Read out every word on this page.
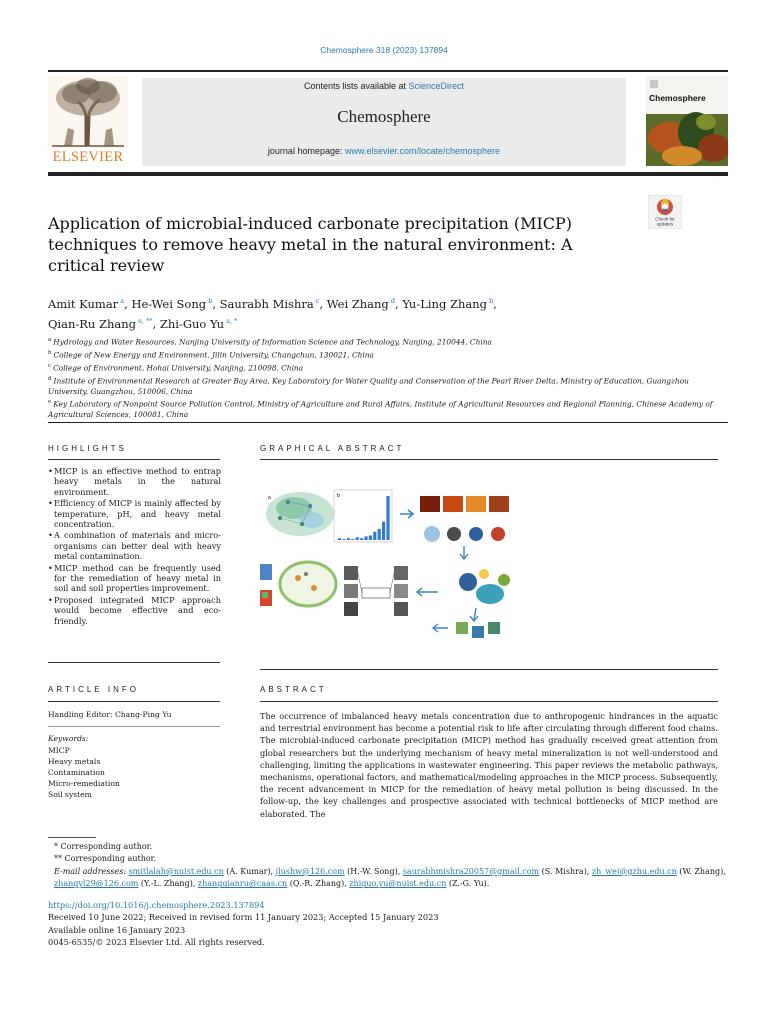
Chemosphere 318 (2023) 137894
ELSEVIER
Contents lists available at ScienceDirect
Chemosphere
journal homepage: www.elsevier.com/locate/chemosphere
Chemosphere
Application of microbial-induced carbonate precipitation (MICP) techniques to remove heavy metal in the natural environment: A critical review
Check for
updates
Amit Kumar $^a$, He-Wei Song $^b$, Saurabh Mishra $^c$, Wei Zhang $^d$, Yu-Ling Zhang $^b$,
Qian-Ru Zhang $^{e, **}$, Zhi-Guo Yu $^{a, *}$
$^a$ Hydrology and Water Resources, Nanjing University of Information Science and Technology, Nanjing, 210044, China
$^b$ College of New Energy and Environment, Jilin University, Changchun, 130021, China
$^c$ College of Environment, Hohai University, Nanjing, 210098, China
$^d$ Institute of Environmental Research at Greater Bay Area, Key Laboratory for Water Quality and Conservation of the Pearl River Delta, Ministry of Education, Guangzhou University, Guangzhou, 510006, China
$^e$ Key Laboratory of Nonpoint Source Pollution Control, Ministry of Agriculture and Rural Affairs, Institute of Agricultural Resources and Regional Planning, Chinese Academy of Agricultural Sciences, 100081, China
HIGHLIGHTS
• MICP is an effective method to entrap heavy metals in the natural environment.
• Efficiency of MICP is mainly affected by temperature, pH, and heavy metal concentration.
• A combination of materials and micro-organisms can better deal with heavy metal contamination.
• MICP method can be frequently used for the remediation of heavy metal in soil and soil properties improvement.
• Proposed integrated MICP approach would become effective and eco-friendly.
GRAPHICAL ABSTRACT
a	b
ARTICLE INFO
Handling Editor: Chang-Ping Yu
Keywords:
MICP
Heavy metals
Contamination
Micro-remediation
Soil system
ABSTRACT
The occurrence of imbalanced heavy metals concentration due to anthropogenic hindrances in the aquatic and terrestrial environment has become a potential risk to life after circulating through different food chains. The microbial-induced carbonate precipitation (MICP) method has gradually received great attention from global researchers but the underlying mechanism of heavy metal mineralization is not well-understood and challenging, limiting the applications in wastewater engineering. This paper reviews the metabolic pathways, mechanisms, operational factors, and mathematical/modeling approaches in the MICP process. Subsequently, the recent advancement in MICP for the remediation of heavy metal pollution is being discussed. In the follow-up, the key challenges and prospective associated with technical bottlenecks of MICP method are elaborated. The
* Corresponding author.
** Corresponding author.
E-mail addresses: smitlalah@nuist.edu.cn (A. Kumar), jlushw@126.com (H.-W. Song), saurabhmishra20057@gmail.com (S. Mishra), zh_wei@gzhu.edu.cn (W. Zhang), zhangyl29@126.com (Y.-L. Zhang), zhangqianru@caas.cn (Q.-R. Zhang), zhiguo.yu@nuist.edu.cn (Z.-G. Yu).
https://doi.org/10.1016/j.chemosphere.2023.137894
Received 10 June 2022; Received in revised form 11 January 2023; Accepted 15 January 2023
Available online 16 January 2023
0045-6535/© 2023 Elsevier Ltd. All rights reserved.
